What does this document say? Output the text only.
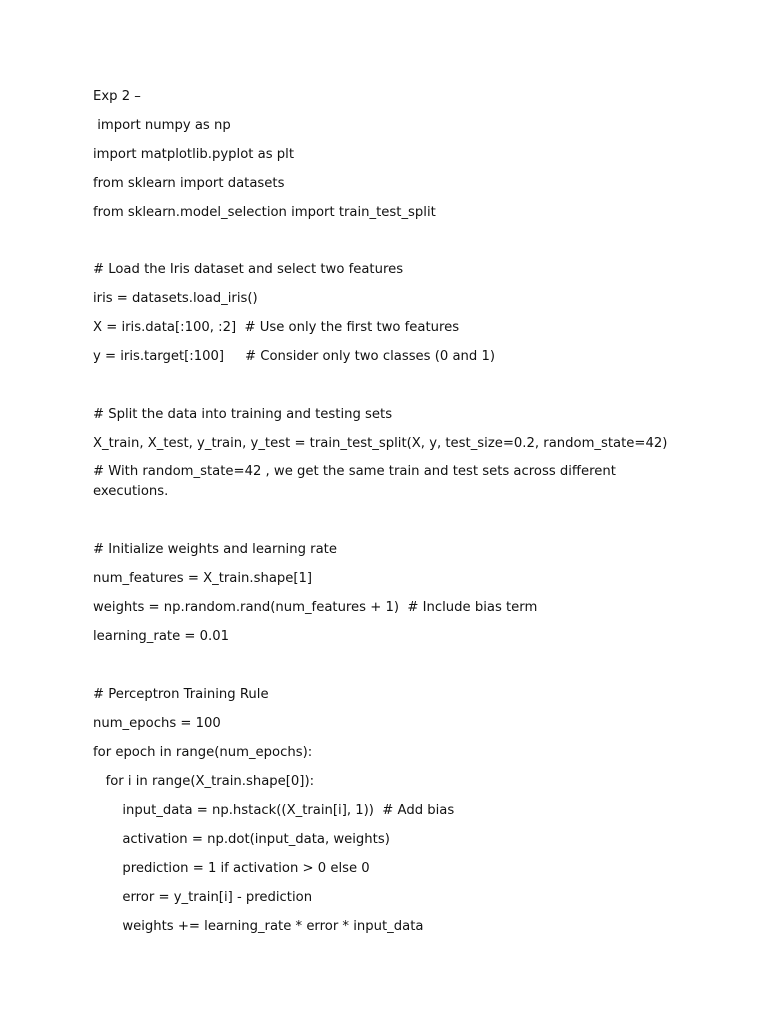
Exp 2 –
import numpy as np
import matplotlib.pyplot as plt
from sklearn import datasets
from sklearn.model_selection import train_test_split
# Load the Iris dataset and select two features
iris = datasets.load_iris()
X = iris.data[:100, :2]  # Use only the first two features
y = iris.target[:100]     # Consider only two classes (0 and 1)
# Split the data into training and testing sets
X_train, X_test, y_train, y_test = train_test_split(X, y, test_size=0.2, random_state=42)
# With random_state=42 , we get the same train and test sets across different executions.
# Initialize weights and learning rate
num_features = X_train.shape[1]
weights = np.random.rand(num_features + 1)  # Include bias term
learning_rate = 0.01
# Perceptron Training Rule
num_epochs = 100
for epoch in range(num_epochs):
for i in range(X_train.shape[0]):
input_data = np.hstack((X_train[i], 1))  # Add bias
activation = np.dot(input_data, weights)
prediction = 1 if activation > 0 else 0
error = y_train[i] - prediction
weights += learning_rate * error * input_data
